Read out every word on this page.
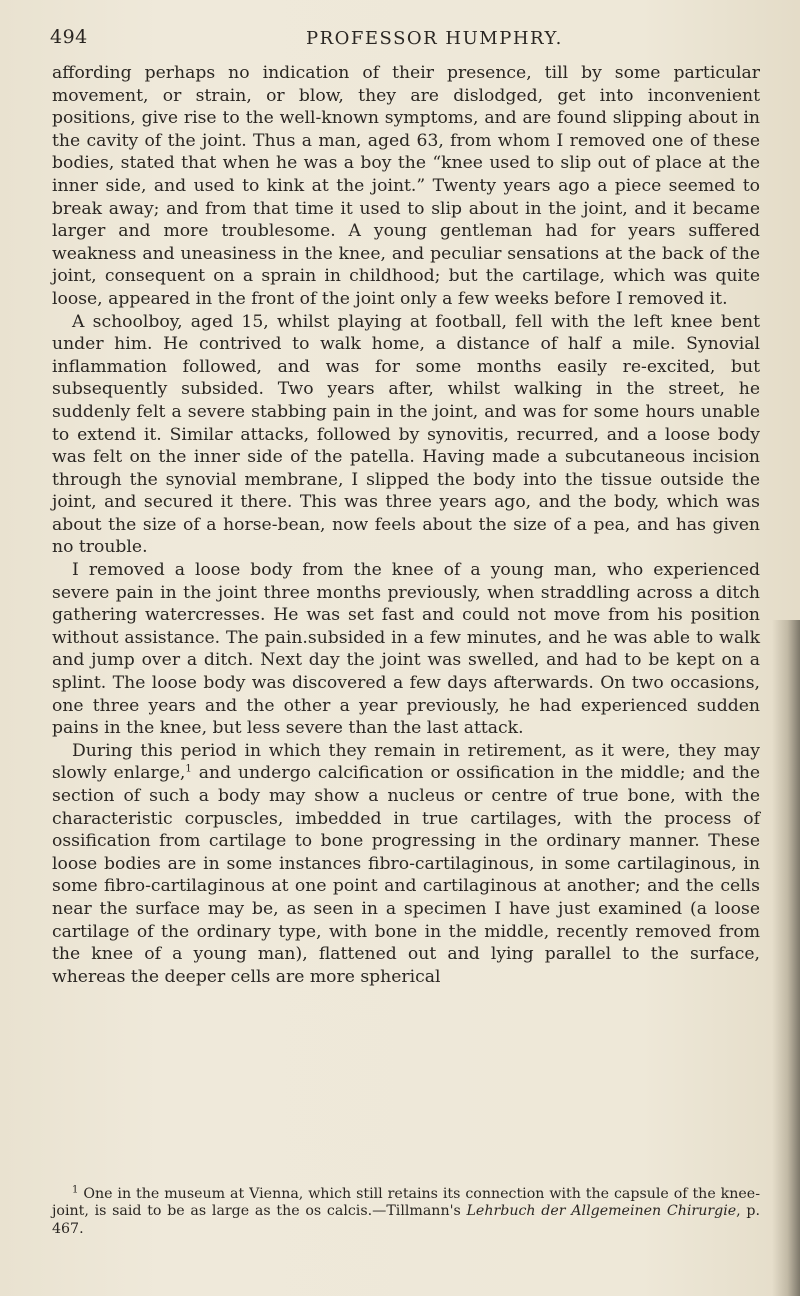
494	PROFESSOR HUMPHRY.

affording perhaps no indication of their presence, till by some particular movement, or strain, or blow, they are dislodged, get into inconvenient positions, give rise to the well-known symptoms, and are found slipping about in the cavity of the joint. Thus a man, aged 63, from whom I removed one of these bodies, stated that when he was a boy the “knee used to slip out of place at the inner side, and used to kink at the joint.” Twenty years ago a piece seemed to break away; and from that time it used to slip about in the joint, and it became larger and more troublesome. A young gentleman had for years suffered weakness and uneasiness in the knee, and peculiar sensations at the back of the joint, consequent on a sprain in childhood; but the cartilage, which was quite loose, appeared in the front of the joint only a few weeks before I removed it.

A schoolboy, aged 15, whilst playing at football, fell with the left knee bent under him. He contrived to walk home, a distance of half a mile. Synovial inflammation followed, and was for some months easily re-excited, but subsequently subsided. Two years after, whilst walking in the street, he suddenly felt a severe stabbing pain in the joint, and was for some hours unable to extend it. Similar attacks, followed by synovitis, recurred, and a loose body was felt on the inner side of the patella. Having made a subcutaneous incision through the synovial membrane, I slipped the body into the tissue outside the joint, and secured it there. This was three years ago, and the body, which was about the size of a horse-bean, now feels about the size of a pea, and has given no trouble.

I removed a loose body from the knee of a young man, who experienced severe pain in the joint three months previously, when straddling across a ditch gathering watercresses. He was set fast and could not move from his position without assistance. The pain.subsided in a few minutes, and he was able to walk and jump over a ditch. Next day the joint was swelled, and had to be kept on a splint. The loose body was discovered a few days afterwards. On two occasions, one three years and the other a year previously, he had experienced sudden pains in the knee, but less severe than the last attack.

During this period in which they remain in retirement, as it were, they may slowly enlarge,$^1$ and undergo calcification or ossification in the middle; and the section of such a body may show a nucleus or centre of true bone, with the characteristic corpuscles, imbedded in true cartilages, with the process of ossification from cartilage to bone progressing in the ordinary manner. These loose bodies are in some instances fibro-cartilaginous, in some cartilaginous, in some fibro-cartilaginous at one point and cartilaginous at another; and the cells near the surface may be, as seen in a specimen I have just examined (a loose cartilage of the ordinary type, with bone in the middle, recently removed from the knee of a young man), flattened out and lying parallel to the surface, whereas the deeper cells are more spherical

$^1$ One in the museum at Vienna, which still retains its connection with the capsule of the knee-joint, is said to be as large as the os calcis.—Tillmann's Lehrbuch der Allgemeinen Chirurgie, p. 467.
